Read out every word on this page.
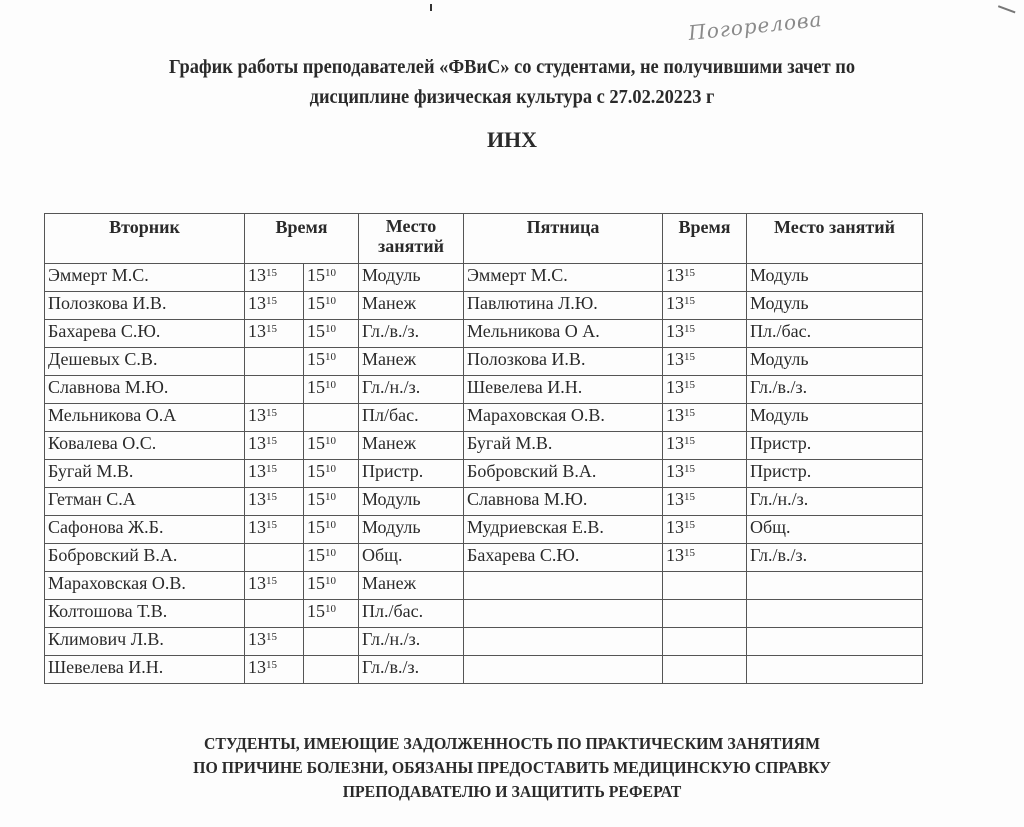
Погорелова
График работы преподавателей «ФВиС» со студентами, не получившими зачет по
дисциплине физическая культура с 27.02.20223 г
ИНХ
Вторник	Время		Место занятий	Пятница	Время	Место занятий
Эммерт М.С.	$13^{15}$	$15^{10}$	Модуль	Эммерт М.С.	$13^{15}$	Модуль
Полозкова И.В.	$13^{15}$	$15^{10}$	Манеж	Павлютина Л.Ю.	$13^{15}$	Модуль
Бахарева С.Ю.	$13^{15}$	$15^{10}$	Гл./в./з.	Мельникова О А.	$13^{15}$	Пл./бас.
Дешевых С.В.		$15^{10}$	Манеж	Полозкова И.В.	$13^{15}$	Модуль
Славнова М.Ю.		$15^{10}$	Гл./н./з.	Шевелева И.Н.	$13^{15}$	Гл./в./з.
Мельникова О.А	$13^{15}$		Пл/бас.	Мараховская О.В.	$13^{15}$	Модуль
Ковалева О.С.	$13^{15}$	$15^{10}$	Манеж	Бугай М.В.	$13^{15}$	Пристр.
Бугай М.В.	$13^{15}$	$15^{10}$	Пристр.	Бобровский В.А.	$13^{15}$	Пристр.
Гетман С.А	$13^{15}$	$15^{10}$	Модуль	Славнова М.Ю.	$13^{15}$	Гл./н./з.
Сафонова Ж.Б.	$13^{15}$	$15^{10}$	Модуль	Мудриевская Е.В.	$13^{15}$	Общ.
Бобровский В.А.		$15^{10}$	Общ.	Бахарева С.Ю.	$13^{15}$	Гл./в./з.
Мараховская О.В.	$13^{15}$	$15^{10}$	Манеж			
Колтошова Т.В.		$15^{10}$	Пл./бас.			
Климович Л.В.	$13^{15}$		Гл./н./з.			
Шевелева И.Н.	$13^{15}$		Гл./в./з.			
СТУДЕНТЫ, ИМЕЮЩИЕ ЗАДОЛЖЕННОСТЬ ПО ПРАКТИЧЕСКИМ ЗАНЯТИЯМ
ПО ПРИЧИНЕ БОЛЕЗНИ, ОБЯЗАНЫ ПРЕДОСТАВИТЬ МЕДИЦИНСКУЮ СПРАВКУ
ПРЕПОДАВАТЕЛЮ И ЗАЩИТИТЬ РЕФЕРАТ
